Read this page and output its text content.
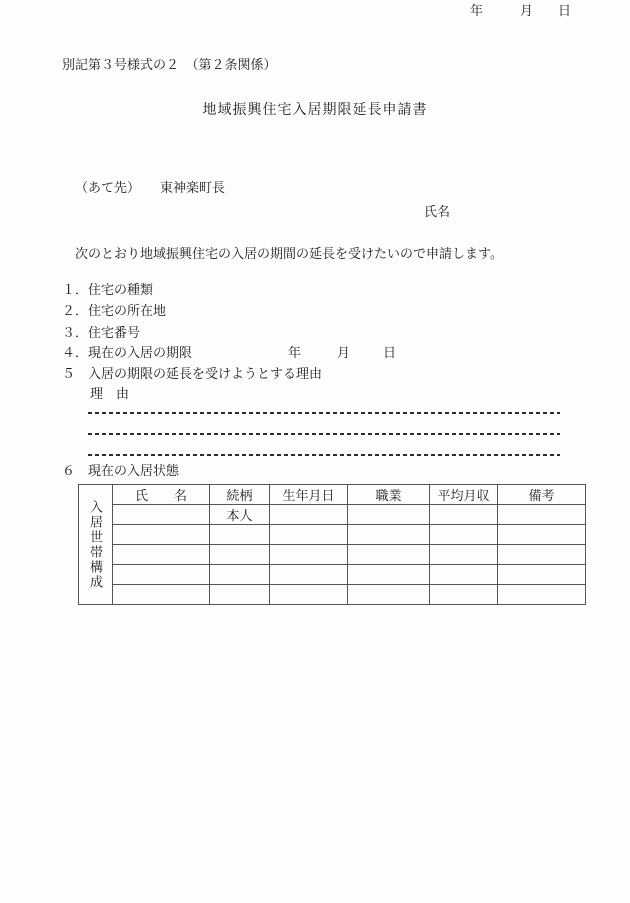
別記第３号様式の２　（第２条関係）
地域振興住宅入居期限延長申請書
年	月 日

（あて先） 東神楽町長

氏名
次のとおり地域振興住宅の入居の期間の延長を受けたいので申請します。
１．住宅の種類
２．住宅の所在地
３．住宅番号
４．現在の入居の期限	年	月	日
５　入居の期限の延長を受けようとする理由
理　由
６　現在の入居状態
入居世帯構成	氏　　名	続柄	生年月日	職業	平均月収	備考
		本人				
